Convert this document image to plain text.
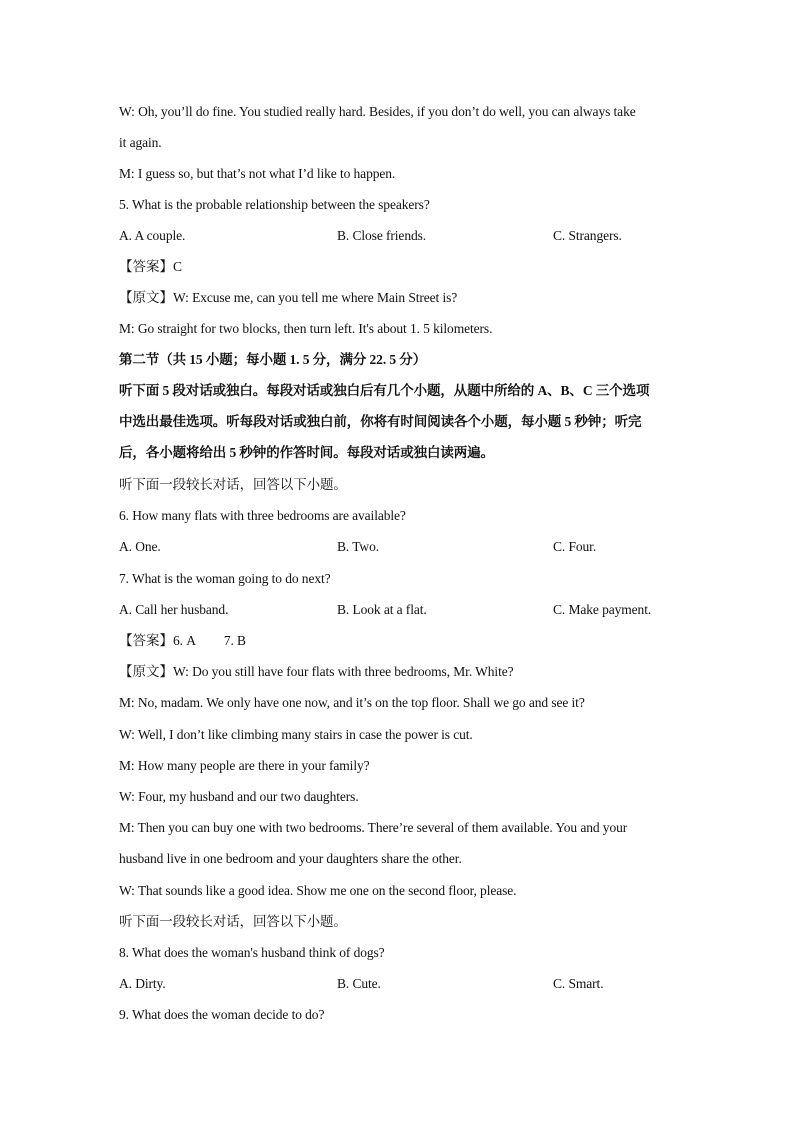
W: Oh, you’ll do fine. You studied really hard. Besides, if you don’t do well, you can always take
it again.
M: I guess so, but that’s not what I’d like to happen.
5. What is the probable relationship between the speakers?
A. A couple.	B. Close friends.	C. Strangers.
【答案】C
【原文】W: Excuse me, can you tell me where Main Street is?
M: Go straight for two blocks, then turn left. It's about 1. 5 kilometers.
第二节（共 15 小题；每小题 1. 5 分，满分 22. 5 分）
听下面 5 段对话或独白。每段对话或独白后有几个小题，从题中所给的 A、B、C 三个选项
中选出最佳选项。听每段对话或独白前，你将有时间阅读各个小题，每小题 5 秒钟；听完
后，各小题将给出 5 秒钟的作答时间。每段对话或独白读两遍。
听下面一段较长对话，回答以下小题。
6. How many flats with three bedrooms are available?
A. One.	B. Two.	C. Four.
7. What is the woman going to do next?
A. Call her husband.	B. Look at a flat.	C. Make payment.
【答案】6. A 7. B
【原文】W: Do you still have four flats with three bedrooms, Mr. White?
M: No, madam. We only have one now, and it’s on the top floor. Shall we go and see it?
W: Well, I don’t like climbing many stairs in case the power is cut.
M: How many people are there in your family?
W: Four, my husband and our two daughters.
M: Then you can buy one with two bedrooms. There’re several of them available. You and your
husband live in one bedroom and your daughters share the other.
W: That sounds like a good idea. Show me one on the second floor, please.
听下面一段较长对话，回答以下小题。
8. What does the woman's husband think of dogs?
A. Dirty.	B. Cute.	C. Smart.
9. What does the woman decide to do?
